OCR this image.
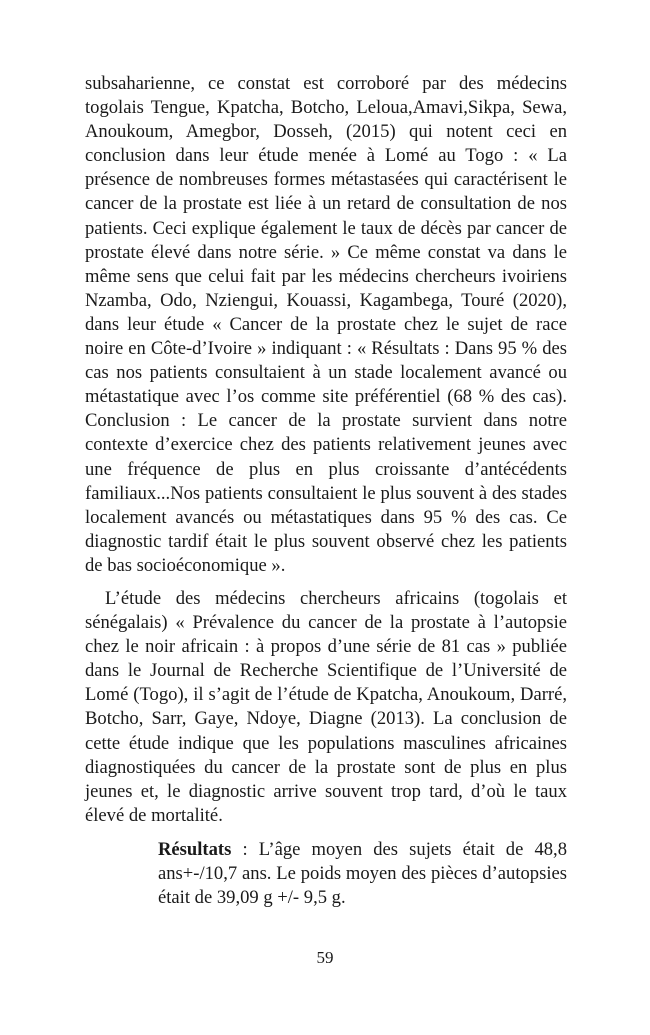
subsaharienne, ce constat est corroboré par des médecins togolais Tengue, Kpatcha, Botcho, Leloua,Amavi,Sikpa, Sewa, Anoukoum, Amegbor, Dosseh, (2015) qui notent ceci en conclusion dans leur étude menée à Lomé au Togo : « La présence de nombreuses formes métastasées qui caractérisent le cancer de la prostate est liée à un retard de consultation de nos patients. Ceci explique également le taux de décès par cancer de prostate élevé dans notre série. » Ce même constat va dans le même sens que celui fait par les médecins chercheurs ivoiriens Nzamba, Odo, Nziengui, Kouassi, Kagambega, Touré (2020), dans leur étude « Cancer de la prostate chez le sujet de race noire en Côte-d’Ivoire » indiquant : « Résultats : Dans 95 % des cas nos patients consultaient à un stade localement avancé ou métastatique avec l’os comme site préférentiel (68 % des cas). Conclusion : Le cancer de la prostate survient dans notre contexte d’exercice chez des patients relativement jeunes avec une fréquence de plus en plus croissante d’antécédents familiaux...Nos patients consultaient le plus souvent à des stades localement avancés ou métastatiques dans 95 % des cas. Ce diagnostic tardif était le plus souvent observé chez les patients de bas socioéconomique ».

L’étude des médecins chercheurs africains (togolais et sénégalais) « Prévalence du cancer de la prostate à l’autopsie chez le noir africain : à propos d’une série de 81 cas » publiée dans le Journal de Recherche Scientifique de l’Université de Lomé (Togo), il s’agit de l’étude de Kpatcha, Anoukoum, Darré, Botcho, Sarr, Gaye, Ndoye, Diagne (2013). La conclusion de cette étude indique que les populations masculines africaines diagnostiquées du cancer de la prostate sont de plus en plus jeunes et, le diagnostic arrive souvent trop tard, d’où le taux élevé de mortalité.

Résultats : L’âge moyen des sujets était de 48,8 ans+-/10,7 ans. Le poids moyen des pièces d’autopsies était de 39,09 g +/- 9,5 g.

59
